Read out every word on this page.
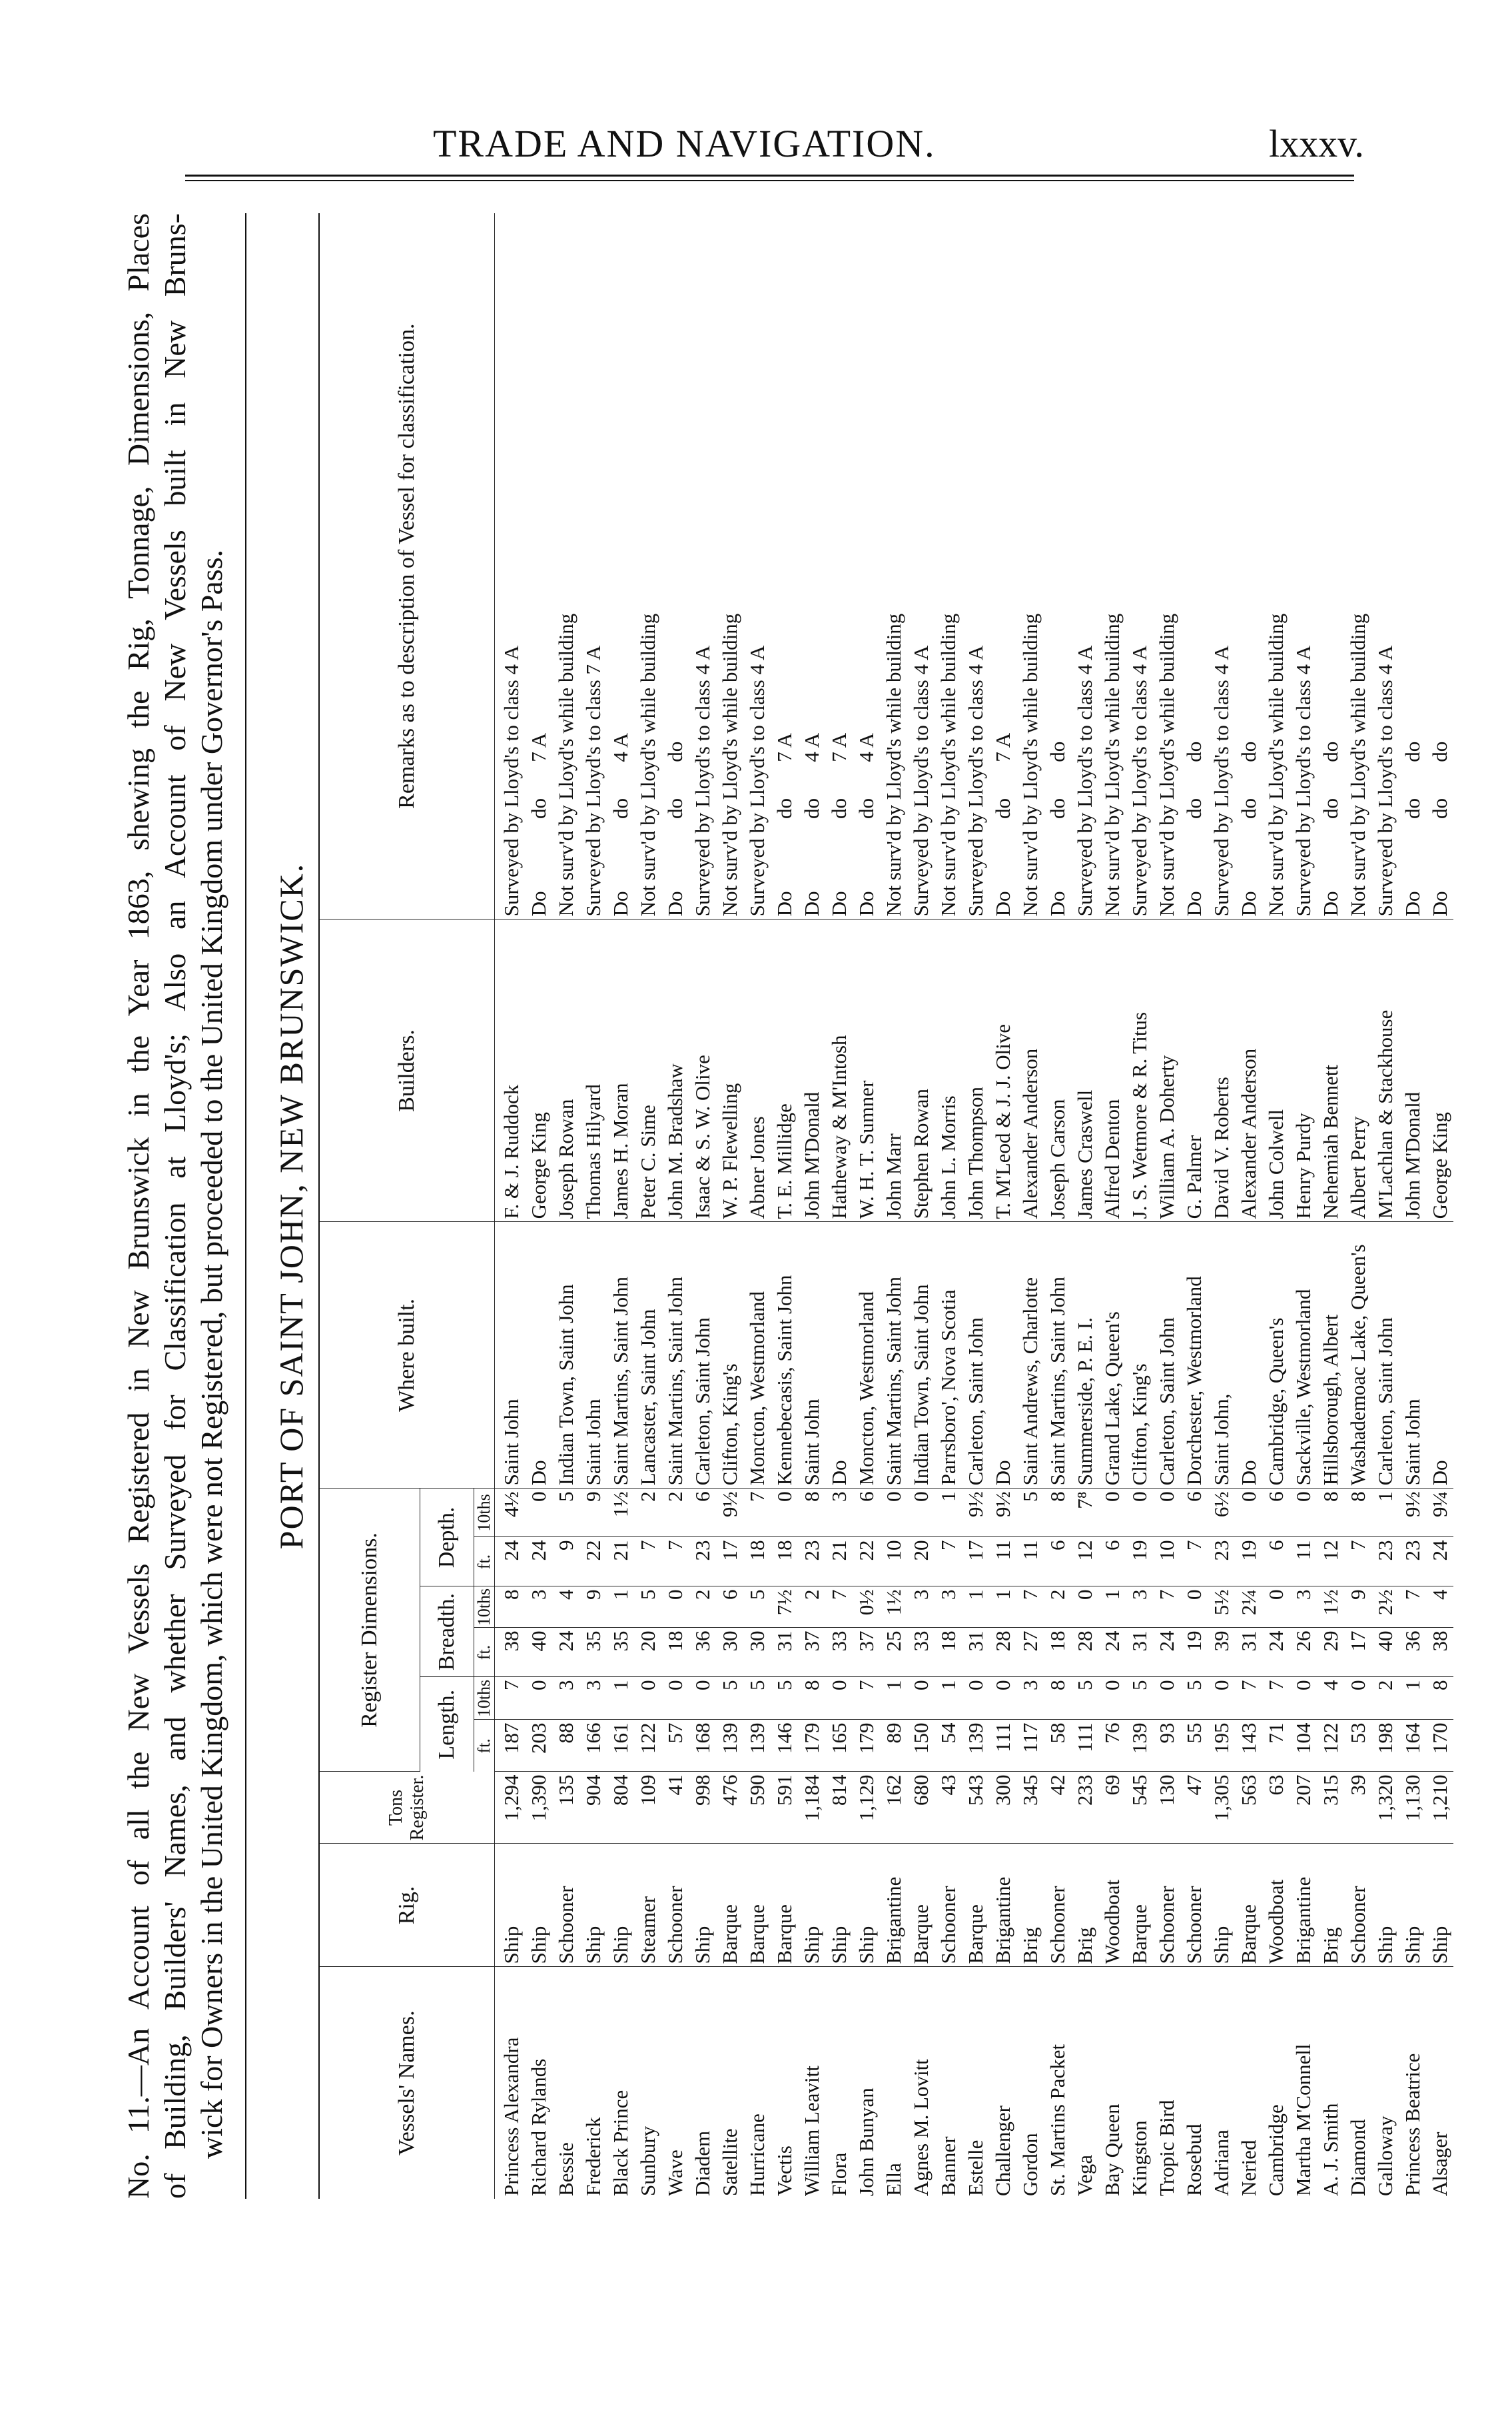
TRADE AND NAVIGATION.	lxxxv.
No. 11.—An Account of all the New Vessels Registered in New Brunswick in the Year 1863, shewing the Rig, Tonnage, Dimensions, Places of Building, Builders' Names, and whether Surveyed for Classification at Lloyd's; Also an Account of New Vessels built in New Bruns- wick for Owners in the United Kingdom, which were not Registered, but proceeded to the United Kingdom under Governor's Pass. PORT OF SAINT JOHN, NEW BRUNSWICK.
Vessels' Names.	Rig.	Tons Register.	Register Dimensions.						Where built.	Builders.	Remarks as to description of Vessel for classification.
			Length.		Breadth.		Depth.				
			ft.	10ths	ft.	10ths	ft.	10ths			
Princess Alexandra	Ship	1,294	187	7	38	8	24	4½	Saint John	F. & J. Ruddock	Surveyed by Lloyd's to class 4 A
Richard Rylands	Ship	1,390	203	0	40	3	24	0	Do	George King	Do              do       7 A
Bessie	Schooner	135	88	3	24	4	9	5	Indian Town, Saint John	Joseph Rowan	Not surv'd by Lloyd's while building
Frederick	Ship	904	166	3	35	9	22	9	Saint John	Thomas Hilyard	Surveyed by Lloyd's to class 7 A
Black Prince	Ship	804	161	1	35	1	21	1½	Saint Martins, Saint John	James H. Moran	Do              do       4 A
Sunbury	Steamer	109	122	0	20	5	7	2	Lancaster, Saint John	Peter C. Sime	Not surv'd by Lloyd's while building
Wave	Schooner	41	57	0	18	0	7	2	Saint Martins, Saint John	John M. Bradshaw	Do              do       do
Diadem	Ship	998	168	0	36	2	23	6	Carleton, Saint John	Isaac & S. W. Olive	Surveyed by Lloyd's to class 4 A
Satellite	Barque	476	139	5	30	6	17	9½	Clifton, King's	W. P. Flewelling	Not surv'd by Lloyd's while building
Hurricane	Barque	590	139	5	30	5	18	7	Moncton, Westmorland	Abner Jones	Surveyed by Lloyd's to class 4 A
Vectis	Barque	591	146	5	31	7½	18	0	Kennebecasis, Saint John	T. E. Millidge	Do              do       7 A
William Leavitt	Ship	1,184	179	8	37	2	23	8	Saint John	John M'Donald	Do              do       4 A
Flora	Ship	814	165	0	33	7	21	3	Do	Hatheway & M'Intosh	Do              do       7 A
John Bunyan	Ship	1,129	179	7	37	0½	22	6	Moncton, Westmorland	W. H. T. Sumner	Do              do       4 A
Ella	Brigantine	162	89	1	25	1½	10	0	Saint Martins, Saint John	John Marr	Not surv'd by Lloyd's while building
Agnes M. Lovitt	Barque	680	150	0	33	3	20	0	Indian Town, Saint John	Stephen Rowan	Surveyed by Lloyd's to class 4 A
Banner	Schooner	43	54	1	18	3	7	1	Parrsboro', Nova Scotia	John L. Morris	Not surv'd by Lloyd's while building
Estelle	Barque	543	139	0	31	1	17	9½	Carleton, Saint John	John Thompson	Surveyed by Lloyd's to class 4 A
Challenger	Brigantine	300	111	0	28	1	11	9½	Do	T. M'Leod & J. J. Olive	Do              do       7 A
Gordon	Brig	345	117	3	27	7	11	5	Saint Andrews, Charlotte	Alexander Anderson	Not surv'd by Lloyd's while building
St. Martins Packet	Schooner	42	58	8	18	2	6	8	Saint Martins, Saint John	Joseph Carson	Do              do       do
Vega	Brig	233	111	5	28	0	12	7⁸	Summerside, P. E. I.	James Craswell	Surveyed by Lloyd's to class 4 A
Bay Queen	Woodboat	69	76	0	24	1	6	0	Grand Lake, Queen's	Alfred Denton	Not surv'd by Lloyd's while building
Kingston	Barque	545	139	5	31	3	19	0	Clifton, King's	J. S. Wetmore & R. Titus	Surveyed by Lloyd's to class 4 A
Tropic Bird	Schooner	130	93	0	24	7	10	0	Carleton, Saint John	William A. Doherty	Not surv'd by Lloyd's while building
Rosebud	Schooner	47	55	5	19	0	7	6	Dorchester, Westmorland	G. Palmer	Do              do       do
Adriana	Ship	1,305	195	0	39	5½	23	6½	Saint John,	David V. Roberts	Surveyed by Lloyd's to class 4 A
Neried	Barque	563	143	7	31	2¼	19	0	Do	Alexander Anderson	Do              do       do
Cambridge	Woodboat	63	71	7	24	0	6	6	Cambridge, Queen's	John Colwell	Not surv'd by Lloyd's while building
Martha M'Connell	Brigantine	207	104	0	26	3	11	0	Sackville, Westmorland	Henry Purdy	Surveyed by Lloyd's to class 4 A
A. J. Smith	Brig	315	122	4	29	1½	12	8	Hillsborough, Albert	Nehemiah Bennett	Do              do       do
Diamond	Schooner	39	53	0	17	9	7	8	Washademoac Lake, Queen's	Albert Perry	Not surv'd by Lloyd's while building
Galloway	Ship	1,320	198	2	40	2½	23	1	Carleton, Saint John	M'Lachlan & Stackhouse	Surveyed by Lloyd's to class 4 A
Princess Beatrice	Ship	1,130	164	1	36	7	23	9½	Saint John	John M'Donald	Do              do       do
Alsager	Ship	1,210	170	8	38	4	24	9¼	Do	George King	Do              do       do
